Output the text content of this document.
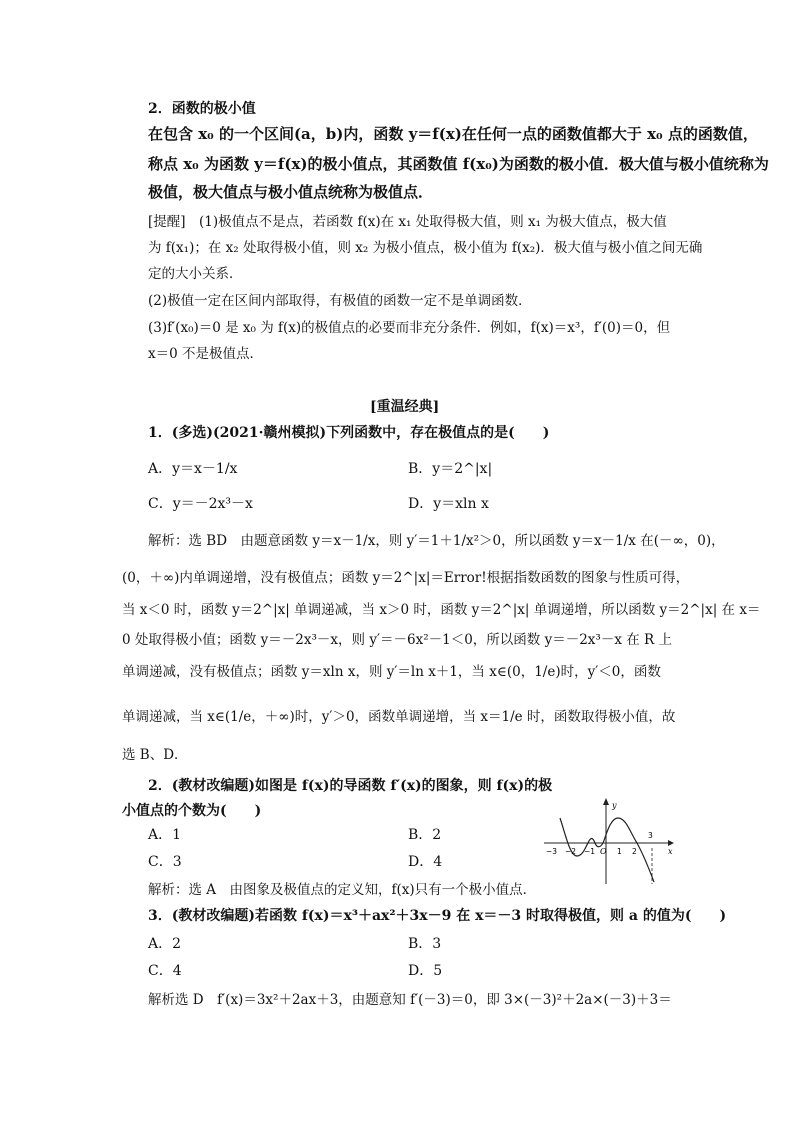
2．函数的极小值
在包含 x₀ 的一个区间(a，b)内，函数 y＝f(x)在任何一点的函数值都大于 x₀ 点的函数值，
称点 x₀ 为函数 y＝f(x)的极小值点，其函数值 f(x₀)为函数的极小值．极大值与极小值统称为
极值，极大值点与极小值点统称为极值点．
[提醒]　(1)极值点不是点，若函数 f(x)在 x₁ 处取得极大值，则 x₁ 为极大值点，极大值
为 f(x₁)；在 x₂ 处取得极小值，则 x₂ 为极小值点，极小值为 f(x₂)．极大值与极小值之间无确
定的大小关系．
(2)极值一定在区间内部取得，有极值的函数一定不是单调函数．
(3)f′(x₀)＝0 是 x₀ 为 f(x)的极值点的必要而非充分条件．例如，f(x)＝x³，f′(0)＝0，但
x＝0 不是极值点．
[重温经典]
1．(多选)(2021·赣州模拟)下列函数中，存在极值点的是(　　)
A．y＝x－1/x	B．y＝2^|x|
C．y＝－2x³－x	D．y＝xln x
解析：选 BD　由题意函数 y＝x－1/x，则 y′＝1＋1/x²＞0，所以函数 y＝x－1/x 在(－∞，0)，
(0，＋∞)内单调递增，没有极值点；函数 y＝2^|x|＝Error!根据指数函数的图象与性质可得，
当 x＜0 时，函数 y＝2^|x| 单调递减，当 x＞0 时，函数 y＝2^|x| 单调递增，所以函数 y＝2^|x| 在 x＝
0 处取得极小值；函数 y＝－2x³－x，则 y′＝－6x²－1＜0，所以函数 y＝－2x³－x 在 R 上
单调递减，没有极值点；函数 y＝xln x，则 y′＝ln x＋1，当 x∈(0，1/e)时，y′＜0，函数
单调递减，当 x∈(1/e，＋∞)时，y′＞0，函数单调递增，当 x＝1/e 时，函数取得极小值，故
选 B、D．
2．(教材改编题)如图是 f(x)的导函数 f′(x)的图象，则 f(x)的极
小值点的个数为(　　)	y
x
O
−3 −2 −1	1 2
3
A．1	B．2
C．3	D．4
解析：选 A　由图象及极值点的定义知，f(x)只有一个极小值点．
3．(教材改编题)若函数 f(x)＝x³＋ax²＋3x－9 在 x＝－3 时取得极值，则 a 的值为(　　)
A．2	B．3
C．4	D．5
解析选 D　f′(x)＝3x²＋2ax＋3，由题意知 f′(－3)＝0，即 3×(－3)²＋2a×(－3)＋3＝
